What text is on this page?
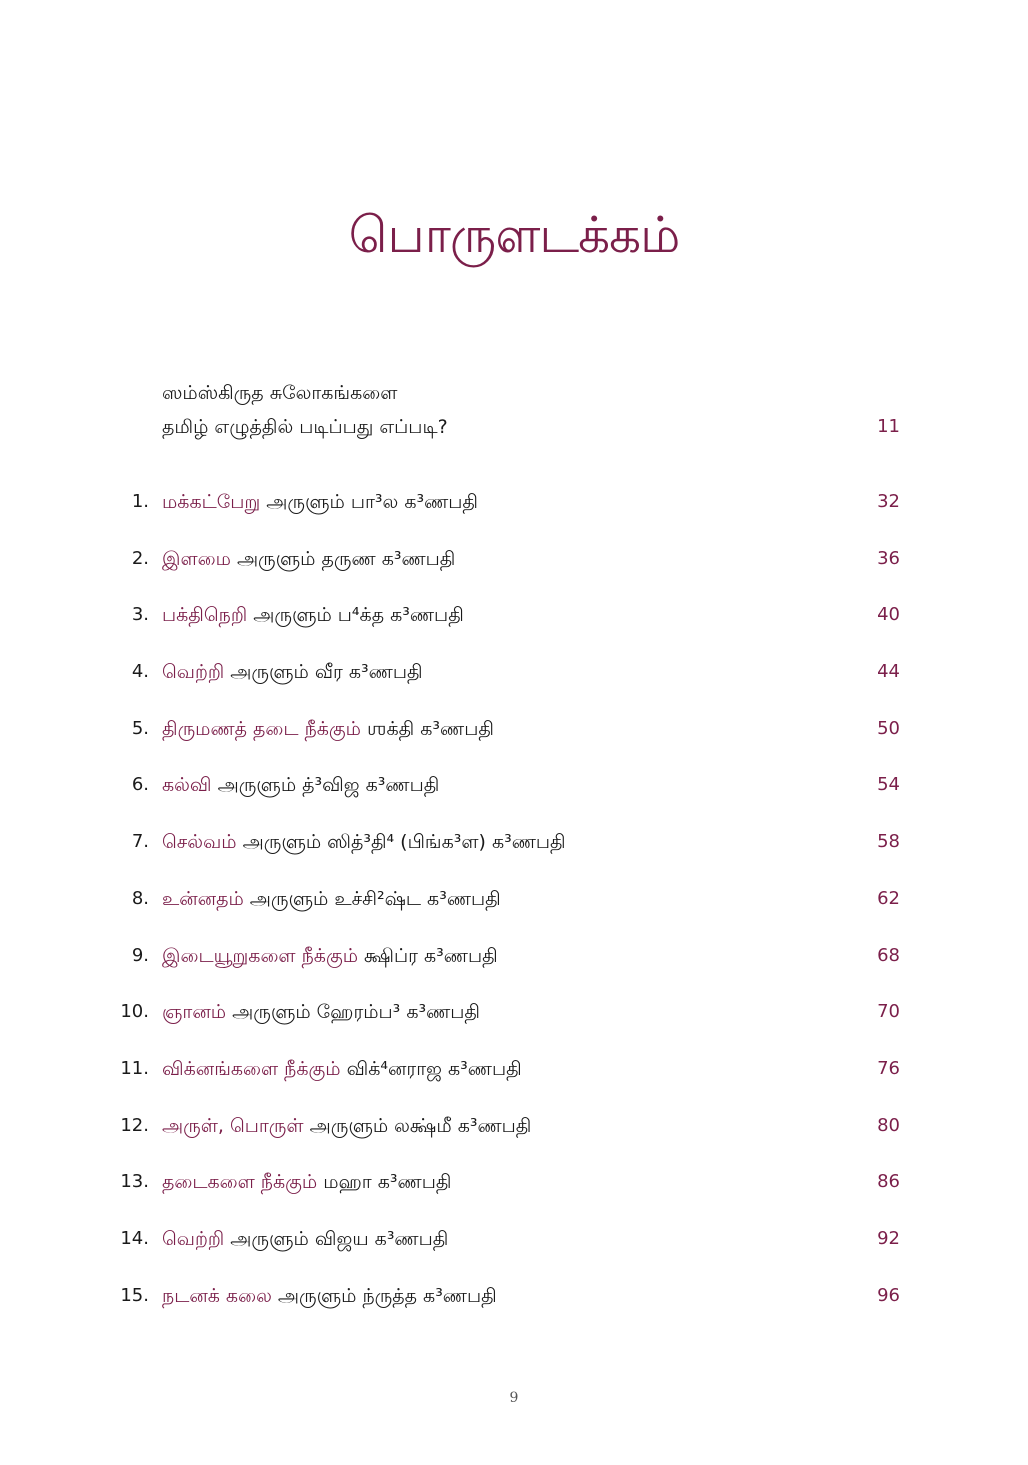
பொருளடக்கம்
ஸம்ஸ்கிருத சுலோகங்களை
தமிழ் எழுத்தில் படிப்பது எப்படி?	11
1. மக்கட்பேறு அருளும் பா³ல க³ணபதி	32
2. இளமை அருளும் தருண க³ணபதி	36
3. பக்திநெறி அருளும் ப⁴க்த க³ணபதி	40
4. வெற்றி அருளும் வீர க³ணபதி	44
5. திருமணத் தடை நீக்கும் ஶக்தி க³ணபதி	50
6. கல்வி அருளும் த்³விஜ க³ணபதி	54
7. செல்வம் அருளும் ஸித்³தி⁴ (பிங்க³ள) க³ணபதி	58
8. உன்னதம் அருளும் உச்சி²ஷ்ட க³ணபதி	62
9. இடையூறுகளை நீக்கும் க்ஷிப்ர க³ணபதி	68
10. ஞானம் அருளும் ஹேரம்ப³ க³ணபதி	70
11. விக்னங்களை நீக்கும் விக்⁴னராஜ க³ணபதி	76
12. அருள், பொருள் அருளும் லக்ஷ்மீ க³ணபதி	80
13. தடைகளை நீக்கும் மஹா க³ணபதி	86
14. வெற்றி அருளும் விஜய க³ணபதி	92
15. நடனக் கலை அருளும் ந்ருத்த க³ணபதி	96
9
